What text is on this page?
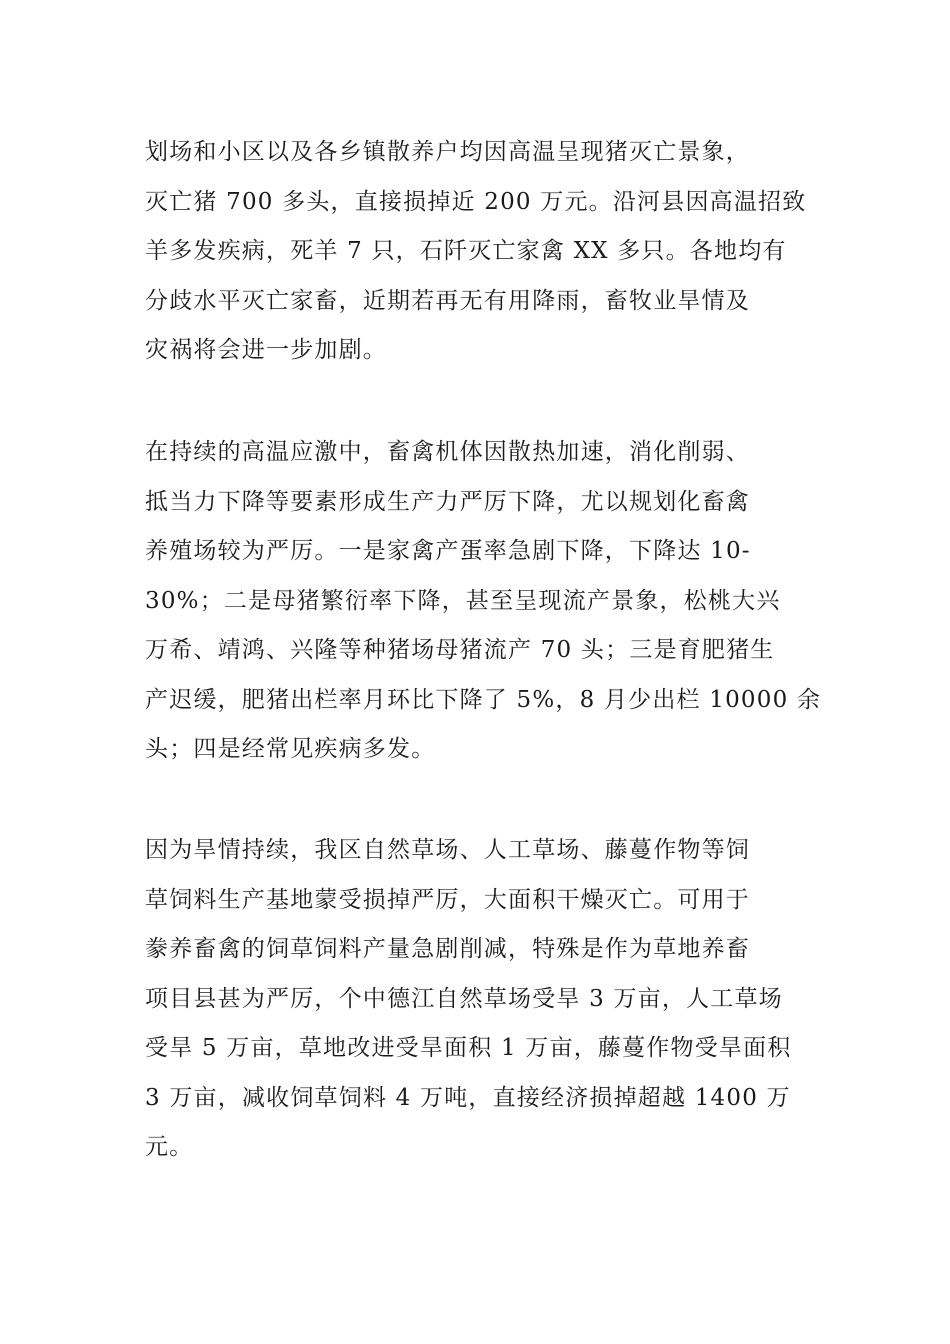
划场和小区以及各乡镇散养户均因高温呈现猪灭亡景象，
灭亡猪 700 多头，直接损掉近 200 万元。沿河县因高温招致
羊多发疾病，死羊 7 只，石阡灭亡家禽 XX 多只。各地均有
分歧水平灭亡家畜，近期若再无有用降雨，畜牧业旱情及
灾祸将会进一步加剧。
在持续的高温应激中，畜禽机体因散热加速，消化削弱、
抵当力下降等要素形成生产力严厉下降，尤以规划化畜禽
养殖场较为严厉。一是家禽产蛋率急剧下降，下降达 10-
30%；二是母猪繁衍率下降，甚至呈现流产景象，松桃大兴
万希、靖鸿、兴隆等种猪场母猪流产 70 头；三是育肥猪生
产迟缓，肥猪出栏率月环比下降了 5%，8 月少出栏 10000 余
头；四是经常见疾病多发。
因为旱情持续，我区自然草场、人工草场、藤蔓作物等饲
草饲料生产基地蒙受损掉严厉，大面积干燥灭亡。可用于
豢养畜禽的饲草饲料产量急剧削减，特殊是作为草地养畜
项目县甚为严厉，个中德江自然草场受旱 3 万亩，人工草场
受旱 5 万亩，草地改进受旱面积 1 万亩，藤蔓作物受旱面积
3 万亩，减收饲草饲料 4 万吨，直接经济损掉超越 1400 万
元。
